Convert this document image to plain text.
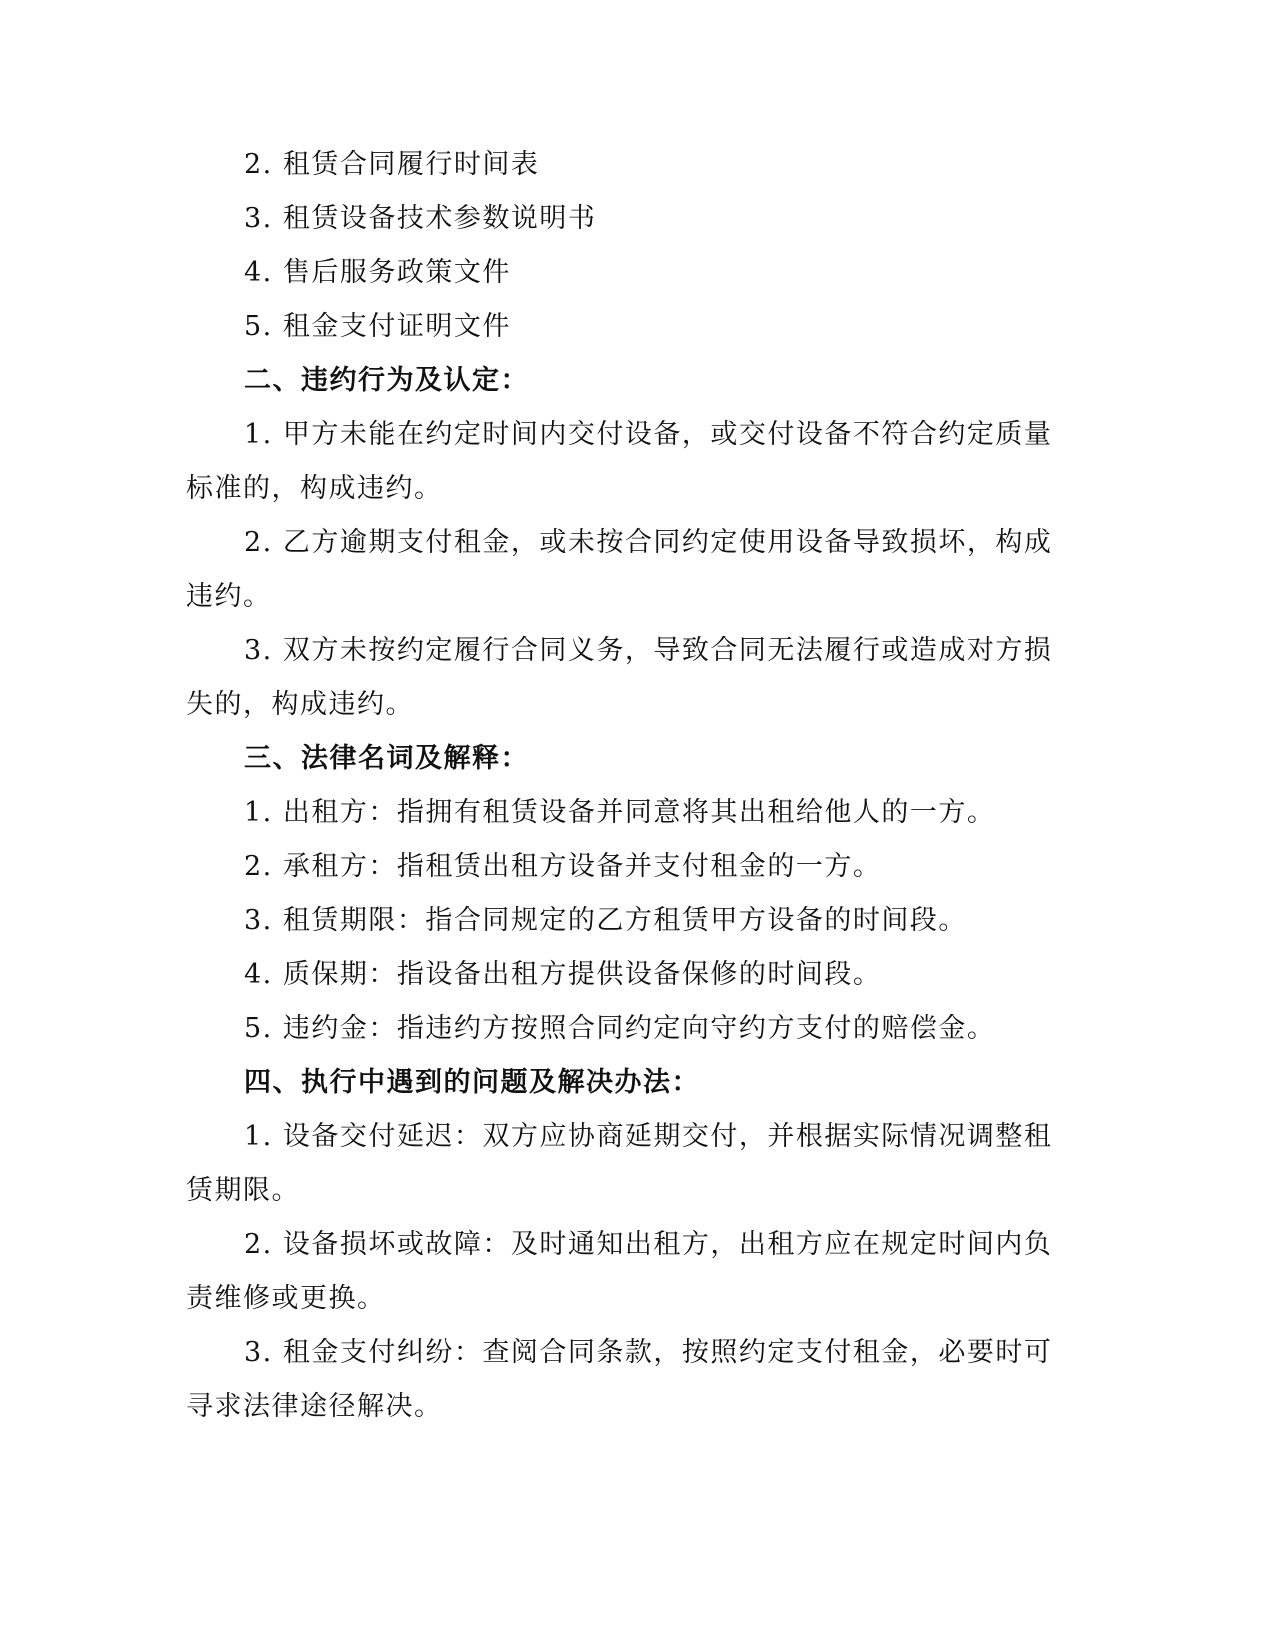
2. 租赁合同履行时间表
3. 租赁设备技术参数说明书
4. 售后服务政策文件
5. 租金支付证明文件
二、违约行为及认定：
1. 甲方未能在约定时间内交付设备，或交付设备不符合约定质量
标准的，构成违约。
2. 乙方逾期支付租金，或未按合同约定使用设备导致损坏，构成
违约。
3. 双方未按约定履行合同义务，导致合同无法履行或造成对方损
失的，构成违约。
三、法律名词及解释：
1. 出租方：指拥有租赁设备并同意将其出租给他人的一方。
2. 承租方：指租赁出租方设备并支付租金的一方。
3. 租赁期限：指合同规定的乙方租赁甲方设备的时间段。
4. 质保期：指设备出租方提供设备保修的时间段。
5. 违约金：指违约方按照合同约定向守约方支付的赔偿金。
四、执行中遇到的问题及解决办法：
1. 设备交付延迟：双方应协商延期交付，并根据实际情况调整租
赁期限。
2. 设备损坏或故障：及时通知出租方，出租方应在规定时间内负
责维修或更换。
3. 租金支付纠纷：查阅合同条款，按照约定支付租金，必要时可
寻求法律途径解决。
